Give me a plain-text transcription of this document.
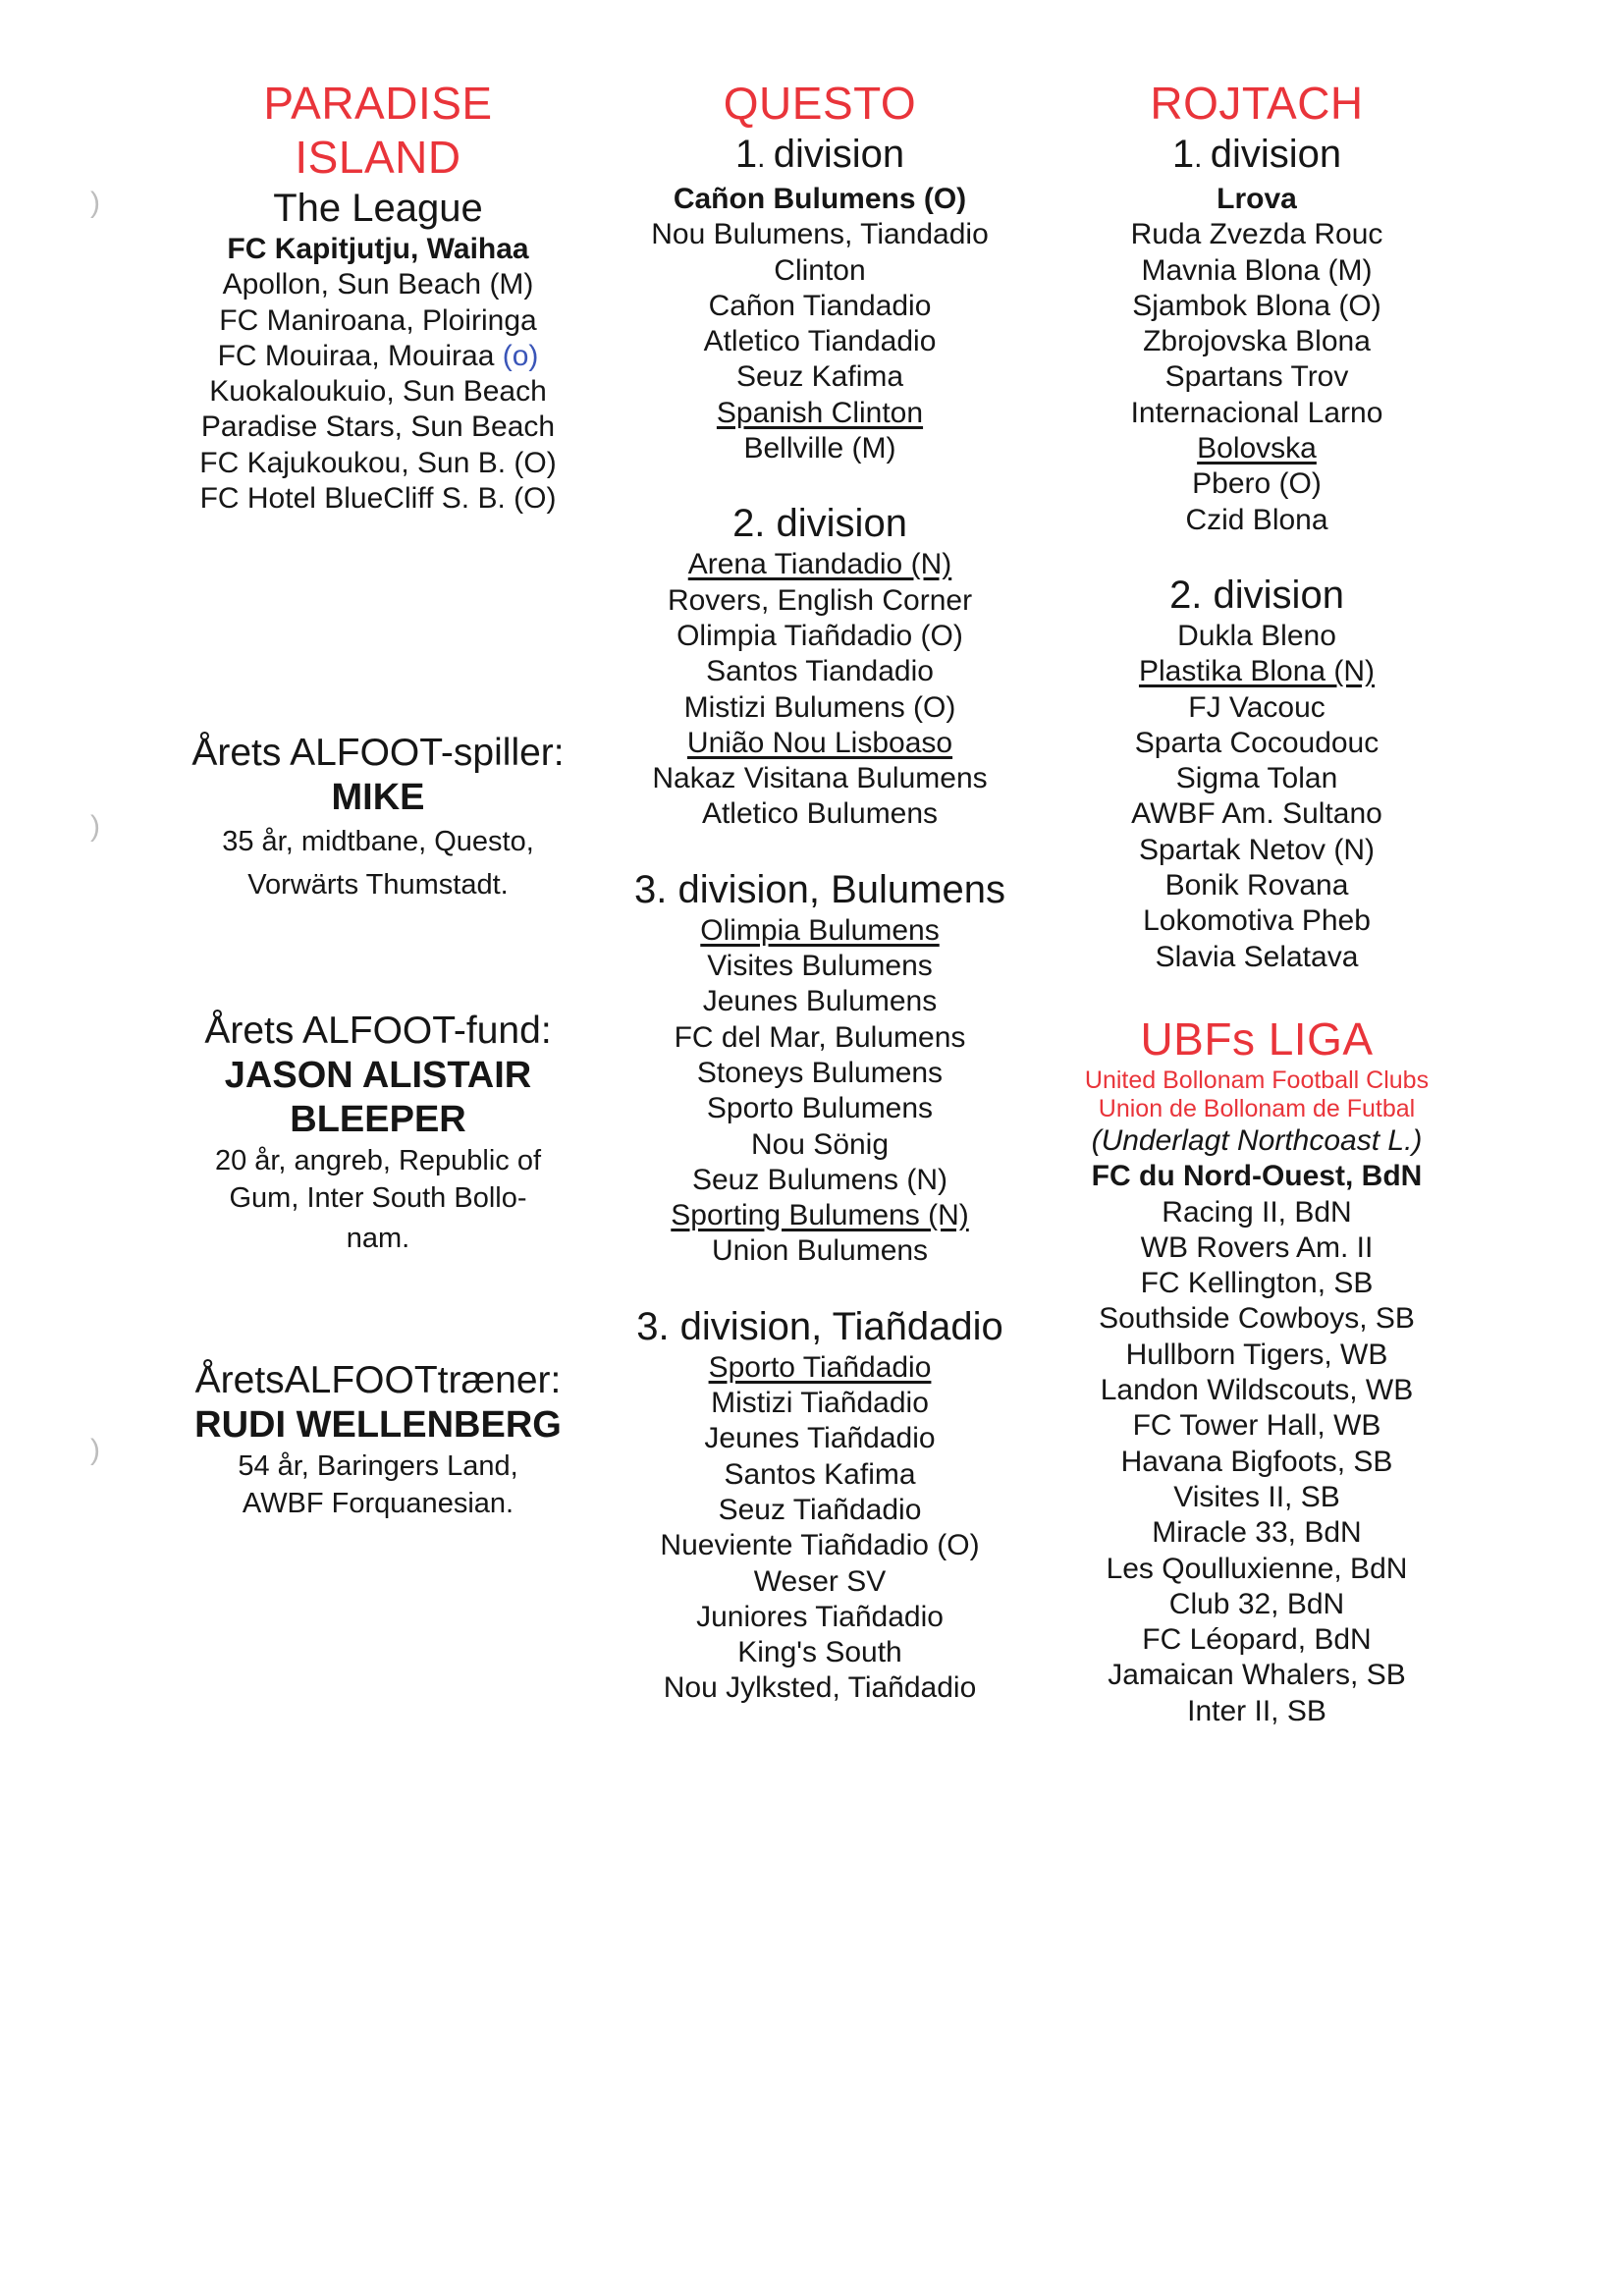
PARADISE
ISLAND
The League
FC Kapitjutju, Waihaa
Apollon, Sun Beach (M)
FC Maniroana, Ploiringa
FC Mouiraa, Mouiraa (o)
Kuokaloukuio, Sun Beach
Paradise Stars, Sun Beach
FC Kajukoukou, Sun B. (O)
FC Hotel BlueCliff S. B. (O)

Årets ALFOOT-spiller:

MIKE

35 år, midtbane, Questo,

Vorwärts Thumstadt.

Årets ALFOOT-fund:

JASON ALISTAIR

BLEEPER

20 år, angreb, Republic of

Gum, Inter South Bollo-

nam.

ÅretsALFOOTtræner:

RUDI WELLENBERG

54 år, Baringers Land,

AWBF Forquanesian.

QUESTO
1. division
Cañon Bulumens (O)
Nou Bulumens, Tiandadio
Clinton
Cañon Tiandadio
Atletico Tiandadio
Seuz Kafima
Spanish Clinton
Bellville (M)
2. division
Arena Tiandadio (N)
Rovers, English Corner
Olimpia Tiañdadio (O)
Santos Tiandadio
Mistizi Bulumens (O)
União Nou Lisboaso
Nakaz Visitana Bulumens
Atletico Bulumens
3. division, Bulumens
Olimpia Bulumens
Visites Bulumens
Jeunes Bulumens
FC del Mar, Bulumens
Stoneys Bulumens
Sporto Bulumens
Nou Sönig
Seuz Bulumens (N)
Sporting Bulumens (N)
Union Bulumens
3. division, Tiañdadio
Sporto Tiañdadio
Mistizi Tiañdadio
Jeunes Tiañdadio
Santos Kafima
Seuz Tiañdadio
Nueviente Tiañdadio (O)
Weser SV
Juniores Tiañdadio
King's South
Nou Jylksted, Tiañdadio
ROJTACH
1. division
Lrova
Ruda Zvezda Rouc
Mavnia Blona (M)
Sjambok Blona (O)
Zbrojovska Blona
Spartans Trov
Internacional Larno
Bolovska
Pbero (O)
Czid Blona
2. division
Dukla Bleno
Plastika Blona (N)
FJ Vacouc
Sparta Cocoudouc
Sigma Tolan
AWBF Am. Sultano
Spartak Netov (N)
Bonik Rovana
Lokomotiva Pheb
Slavia Selatava
UBFs LIGA
United Bollonam Football Clubs
Union de Bollonam de Futbal
(Underlagt Northcoast L.)
FC du Nord-Ouest, BdN
Racing II, BdN
WB Rovers Am. II
FC Kellington, SB
Southside Cowboys, SB
Hullborn Tigers, WB
Landon Wildscouts, WB
FC Tower Hall, WB
Havana Bigfoots, SB
Visites II, SB
Miracle 33, BdN
Les Qoulluxienne, BdN
Club 32, BdN
FC Léopard, BdN
Jamaican Whalers, SB
Inter II, SB
)
)
)
